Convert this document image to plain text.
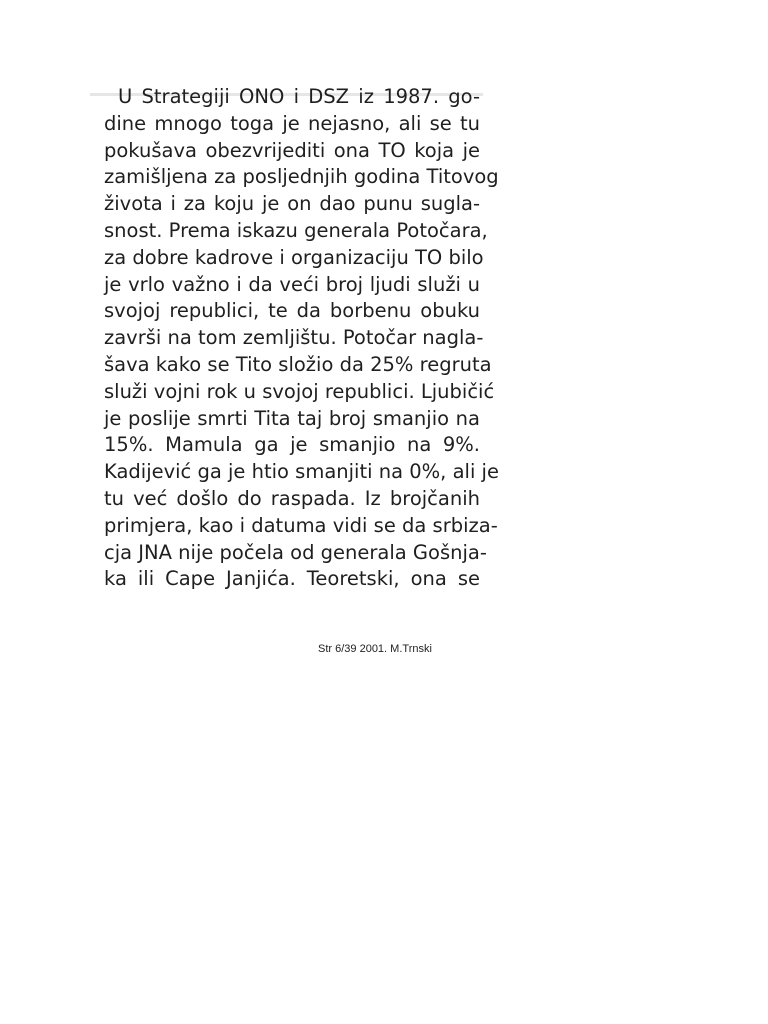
U Strategiji ONO i DSZ iz 1987. go-
dine mnogo toga je nejasno, ali se tu
pokušava obezvrijediti ona TO koja je
zamišljena za posljednjih godina Titovog
života i za koju je on dao punu sugla-
snost. Prema iskazu generala Potočara,
za dobre kadrove i organizaciju TO bilo
je vrlo važno i da veći broj ljudi služi u
svojoj republici, te da borbenu obuku
završi na tom zemljištu. Potočar nagla-
šava kako se Tito složio da 25% regruta
služi vojni rok u svojoj republici. Ljubičić
je poslije smrti Tita taj broj smanjio na
15%. Mamula ga je smanjio na 9%.
Kadijević ga je htio smanjiti na 0%, ali je
tu već došlo do raspada. Iz brojčanih
primjera, kao i datuma vidi se da srbiza-
cja JNA nije počela od generala Gošnja-
ka ili Cape Janjića. Teoretski, ona se
Str 6/39 2001. M.Trnski
